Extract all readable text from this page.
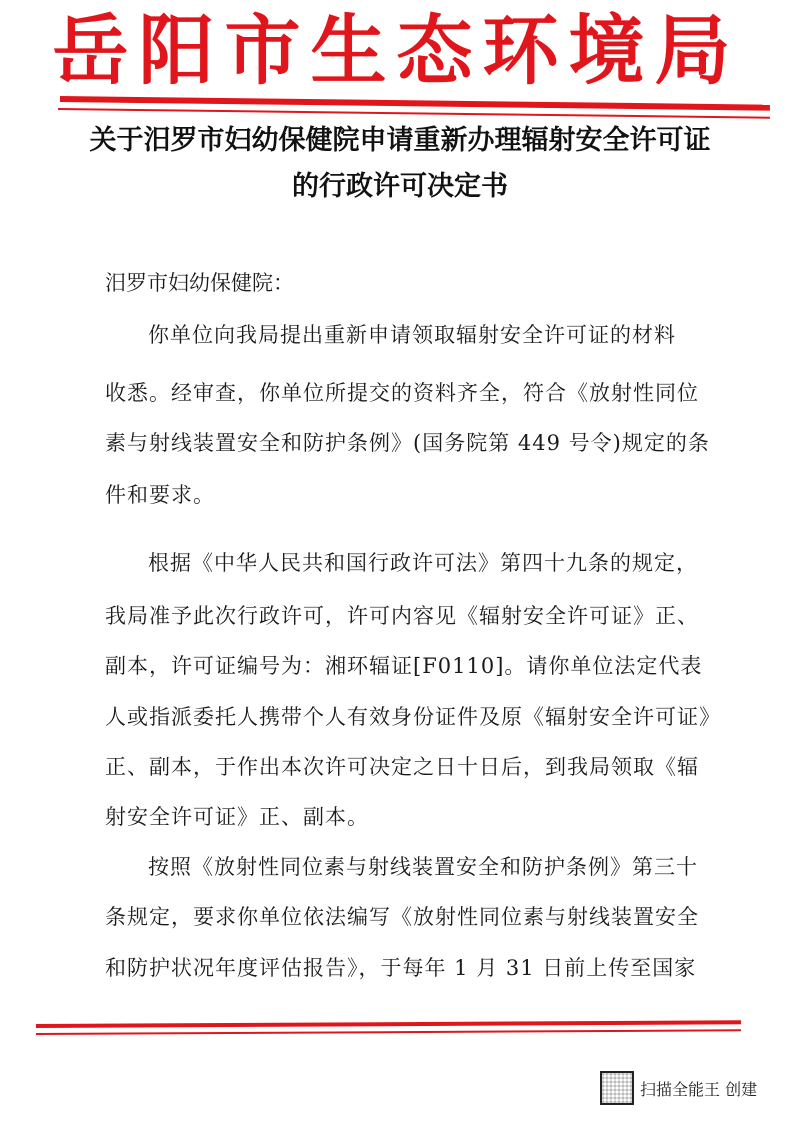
岳阳市生态环境局
关于汨罗市妇幼保健院申请重新办理辐射安全许可证
的行政许可决定书
汨罗市妇幼保健院：
你单位向我局提出重新申请领取辐射安全许可证的材料
收悉。经审查，你单位所提交的资料齐全，符合《放射性同位
素与射线装置安全和防护条例》(国务院第 449 号令)规定的条
件和要求。
根据《中华人民共和国行政许可法》第四十九条的规定，
我局准予此次行政许可，许可内容见《辐射安全许可证》正、
副本，许可证编号为：湘环辐证[F0110]。请你单位法定代表
人或指派委托人携带个人有效身份证件及原《辐射安全许可证》
正、副本，于作出本次许可决定之日十日后，到我局领取《辐
射安全许可证》正、副本。
按照《放射性同位素与射线装置安全和防护条例》第三十
条规定，要求你单位依法编写《放射性同位素与射线装置安全
和防护状况年度评估报告》，于每年 1 月 31 日前上传至国家
扫描全能王 创建
